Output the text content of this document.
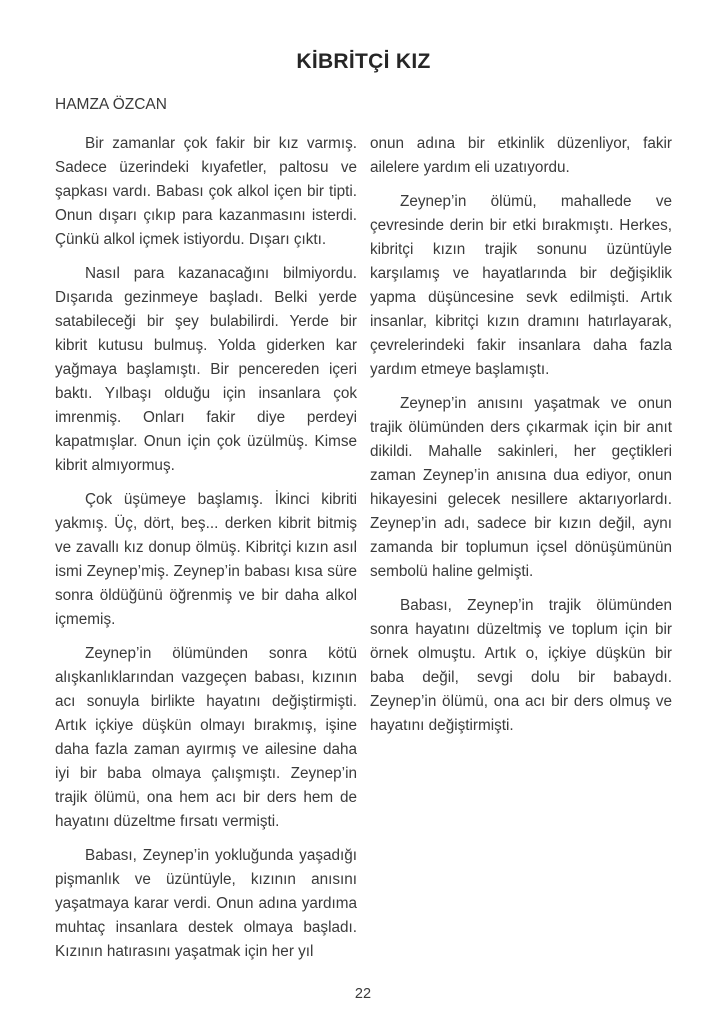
KİBRİTÇİ KIZ
HAMZA ÖZCAN

Bir zamanlar çok fakir bir kız varmış. Sadece üzerindeki kıyafetler, paltosu ve şapkası vardı. Babası çok alkol içen bir tipti. Onun dışarı çıkıp para kazanmasını isterdi. Çünkü alkol içmek istiyordu. Dışarı çıktı.

Nasıl para kazanacağını bilmiyordu. Dışarıda gezinmeye başladı. Belki yerde satabileceği bir şey bulabilirdi. Yerde bir kibrit kutusu bulmuş. Yolda giderken kar yağmaya başlamıştı. Bir pencereden içeri baktı. Yılbaşı olduğu için insanlara çok imrenmiş. Onları fakir diye perdeyi kapatmışlar. Onun için çok üzülmüş. Kimse kibrit almıyormuş.

Çok üşümeye başlamış. İkinci kibriti yakmış. Üç, dört, beş... derken kibrit bitmiş ve zavallı kız donup ölmüş. Kibritçi kızın asıl ismi Zeynep’miş. Zeynep’in babası kısa süre sonra öldüğünü öğrenmiş ve bir daha alkol içmemiş.

Zeynep’in ölümünden sonra kötü alışkanlıklarından vazgeçen babası, kızının acı sonuyla birlikte hayatını değiştirmişti. Artık içkiye düşkün olmayı bırakmış, işine daha fazla zaman ayırmış ve ailesine daha iyi bir baba olmaya çalışmıştı. Zeynep’in trajik ölümü, ona hem acı bir ders hem de hayatını düzeltme fırsatı vermişti.

Babası, Zeynep’in yokluğunda yaşadığı pişmanlık ve üzüntüyle, kızının anısını yaşatmaya karar verdi. Onun adına yardıma muhtaç insanlara destek olmaya başladı. Kızının hatırasını yaşatmak için her yıl

onun adına bir etkinlik düzenliyor, fakir ailelere yardım eli uzatıyordu.

Zeynep’in ölümü, mahallede ve çevresinde derin bir etki bırakmıştı. Herkes, kibritçi kızın trajik sonunu üzüntüyle karşılamış ve hayatlarında bir değişiklik yapma düşüncesine sevk edilmişti. Artık insanlar, kibritçi kızın dramını hatırlayarak, çevrelerindeki fakir insanlara daha fazla yardım etmeye başlamıştı.

Zeynep’in anısını yaşatmak ve onun trajik ölümünden ders çıkarmak için bir anıt dikildi. Mahalle sakinleri, her geçtikleri zaman Zeynep’in anısına dua ediyor, onun hikayesini gelecek nesillere aktarıyorlardı. Zeynep’in adı, sadece bir kızın değil, aynı zamanda bir toplumun içsel dönüşümünün sembolü haline gelmişti.

Babası, Zeynep’in trajik ölümünden sonra hayatını düzeltmiş ve toplum için bir örnek olmuştu. Artık o, içkiye düşkün bir baba değil, sevgi dolu bir babaydı. Zeynep’in ölümü, ona acı bir ders olmuş ve hayatını değiştirmişti.

22
